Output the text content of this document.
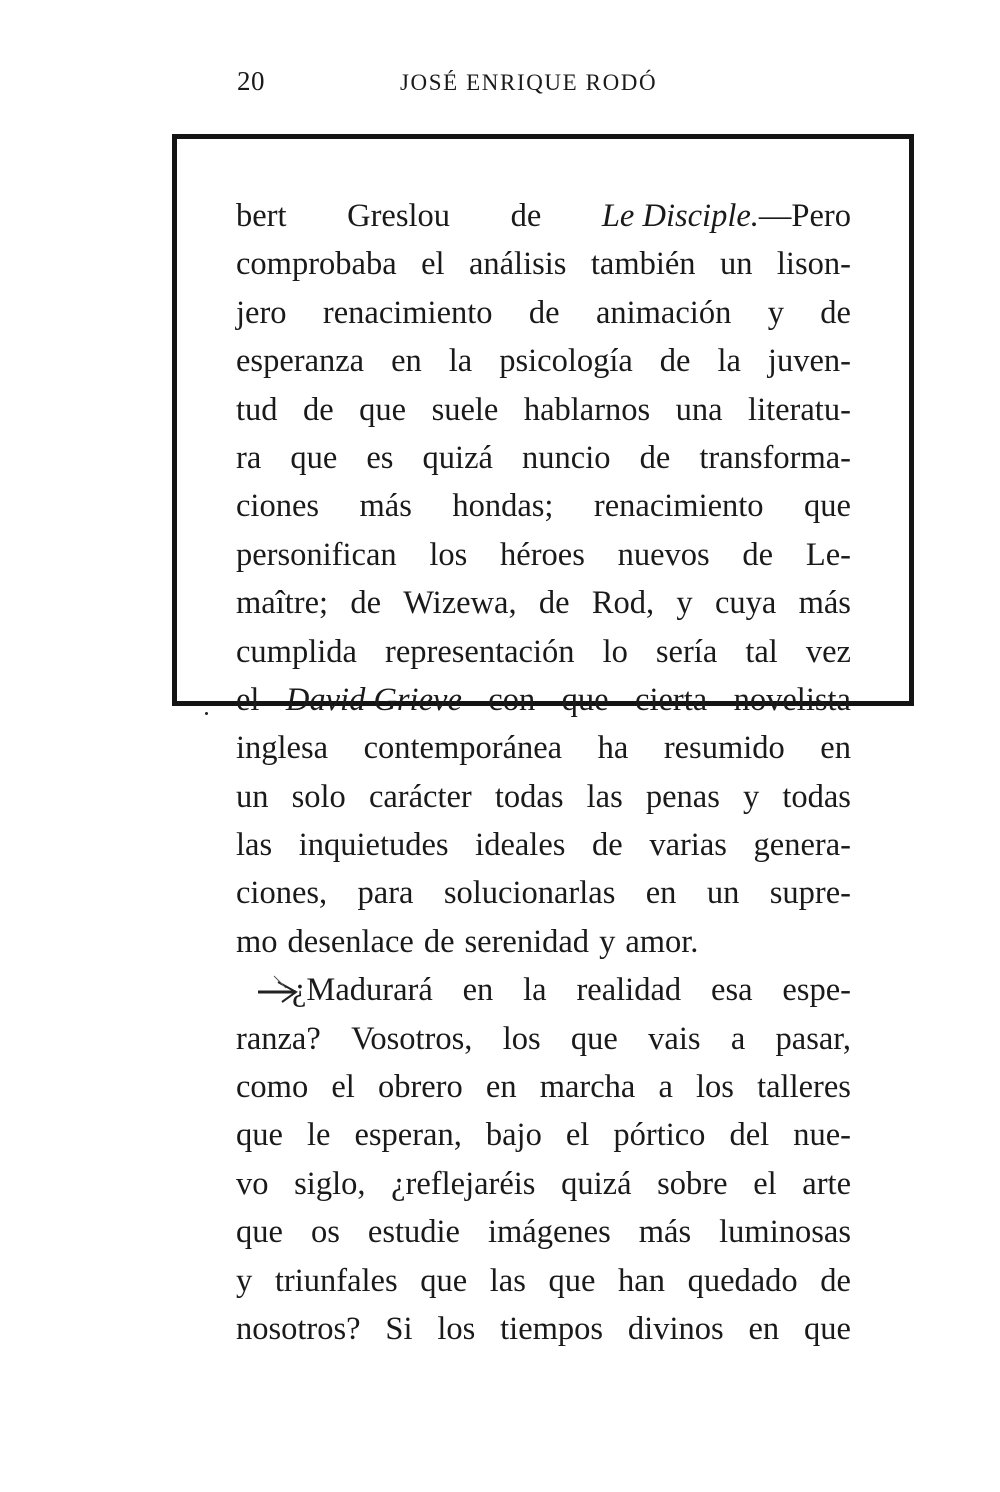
20	JOSÉ ENRIQUE RODÓ
bert Greslou de Le Disciple.—Pero
comprobaba el análisis también un lison-
jero renacimiento de animación y de
esperanza en la psicología de la juven-
tud de que suele hablarnos una literatu-
ra que es quizá nuncio de transforma-
ciones más hondas; renacimiento que
personifican los héroes nuevos de Le-
maître; de Wizewa, de Rod, y cuya más
cumplida representación lo sería tal vez
el David Grieve con que cierta novelista
inglesa contemporánea ha resumido en
un solo carácter todas las penas y todas
las inquietudes ideales de varias genera-
ciones, para solucionarlas en un supre-
mo desenlace de serenidad y amor.
¿Madurará en la realidad esa espe-
ranza? Vosotros, los que vais a pasar,
como el obrero en marcha a los talleres
que le esperan, bajo el pórtico del nue-
vo siglo, ¿reflejaréis quizá sobre el arte
que os estudie imágenes más luminosas
y triunfales que las que han quedado de
nosotros? Si los tiempos divinos en que
